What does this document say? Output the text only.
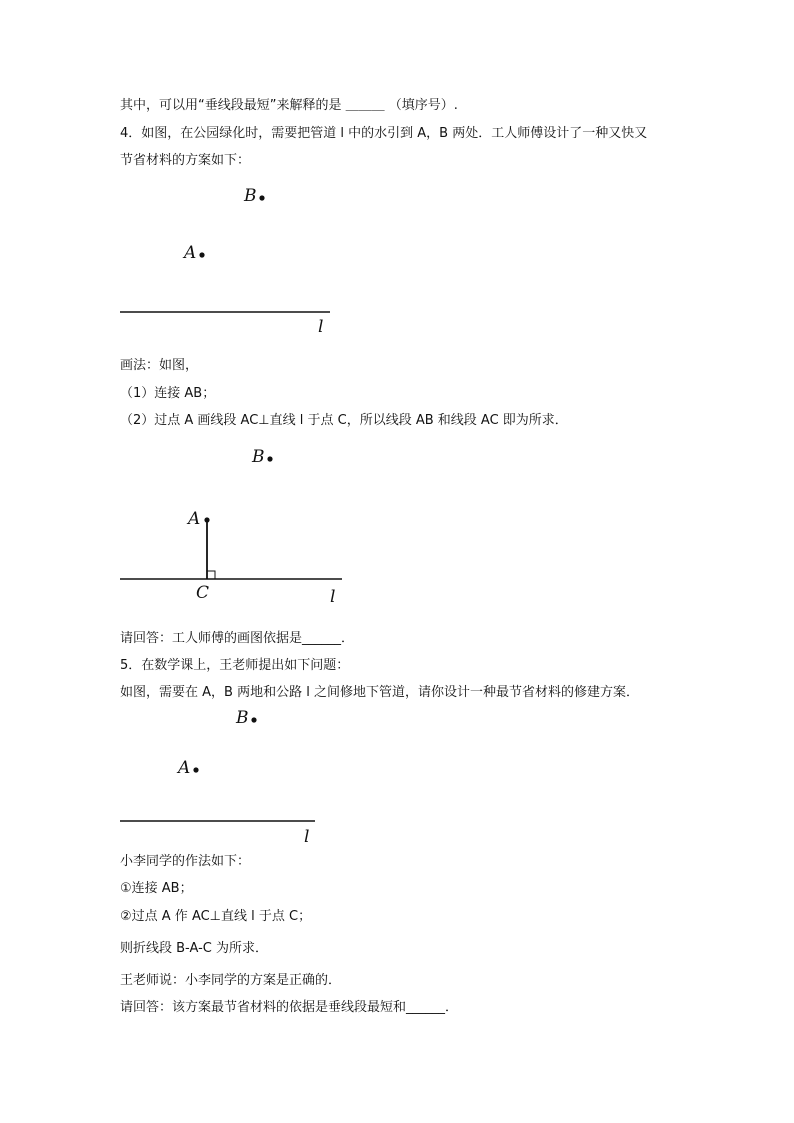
其中，可以用“垂线段最短”来解释的是 ＿＿＿ （填序号）.
4．如图，在公园绿化时，需要把管道 l 中的水引到 A，B 两处．工人师傅设计了一种又快又
节省材料的方案如下：
B
A
l
画法：如图，
（1）连接 AB；
（2）过点 A 画线段 AC⊥直线 l 于点 C，所以线段 AB 和线段 AC 即为所求．
B
A
C	l
请回答：工人师傅的画图依据是______．
5．在数学课上，王老师提出如下问题：
如图，需要在 A，B 两地和公路 l 之间修地下管道，请你设计一种最节省材料的修建方案．
B
A
l
小李同学的作法如下：
①连接 AB；
②过点 A 作 AC⊥直线 l 于点 C；
则折线段 B-A-C 为所求．
王老师说：小李同学的方案是正确的．
请回答：该方案最节省材料的依据是垂线段最短和______．
